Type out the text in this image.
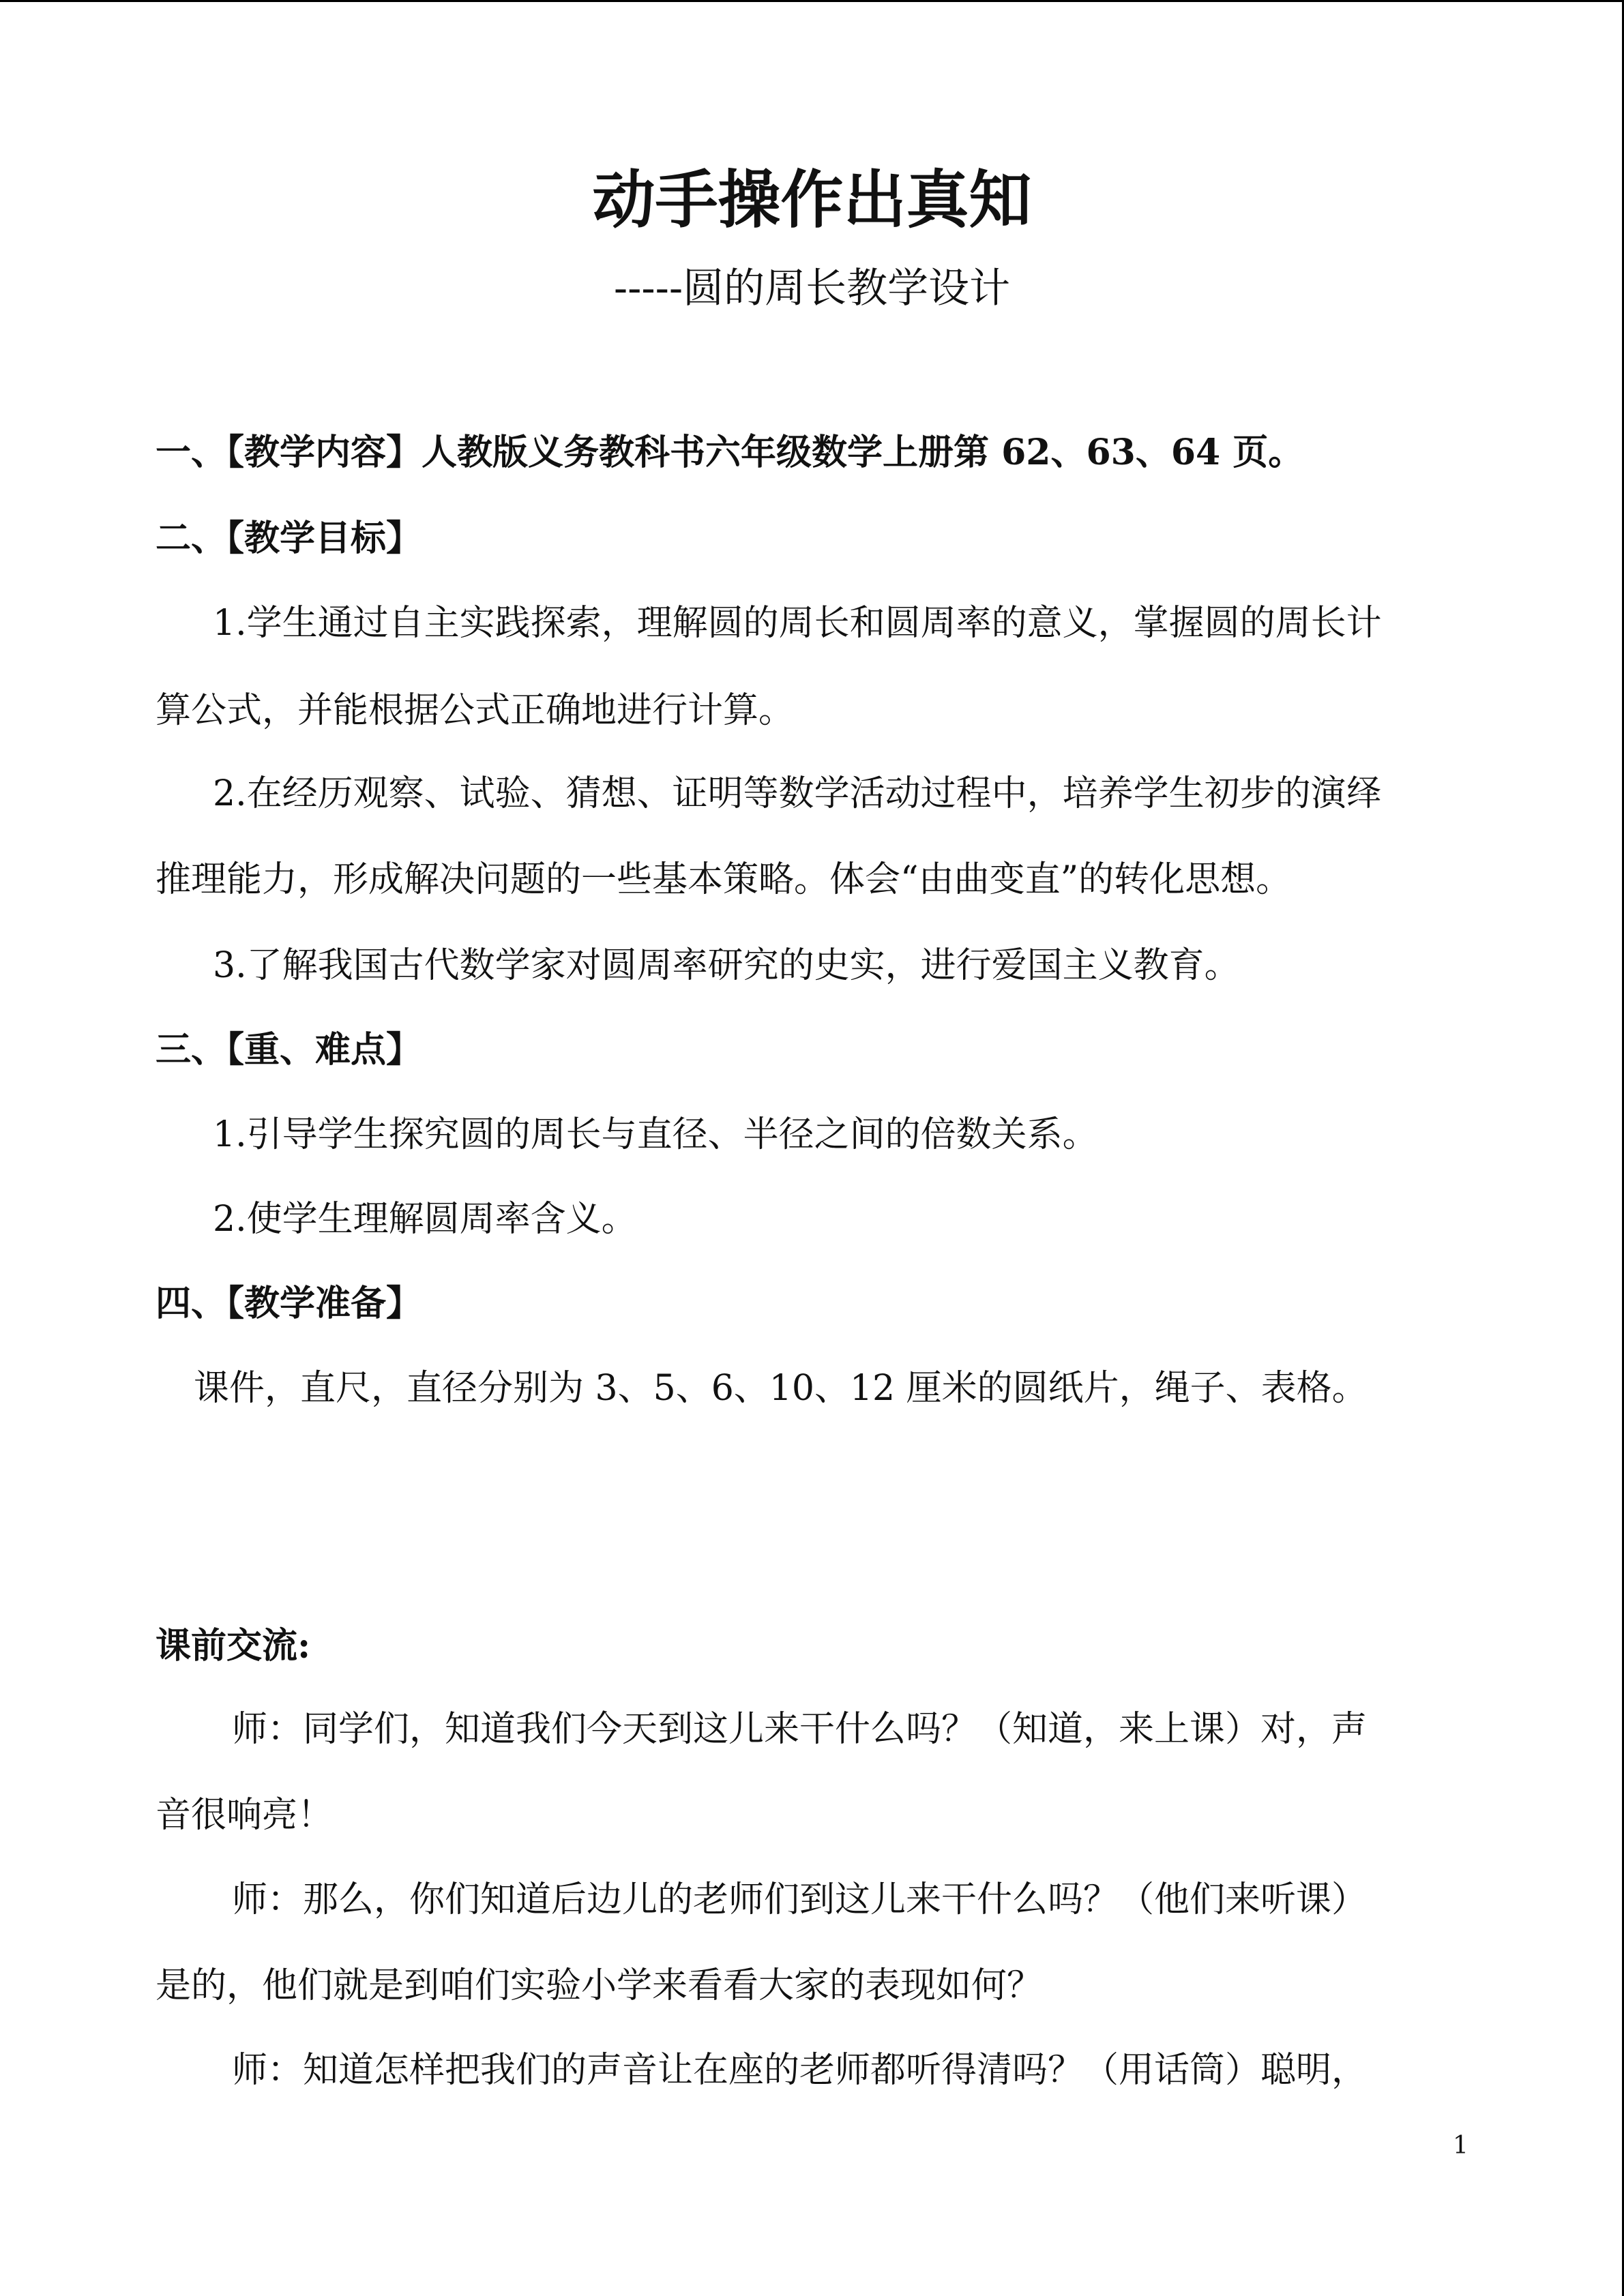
动手操作出真知
-----圆的周长教学设计
一、【教学内容】人教版义务教科书六年级数学上册第 62、63、64 页。
二、【教学目标】
1.学生通过自主实践探索，理解圆的周长和圆周率的意义，掌握圆的周长计
算公式，并能根据公式正确地进行计算。
2.在经历观察、试验、猜想、证明等数学活动过程中，培养学生初步的演绎
推理能力，形成解决问题的一些基本策略。体会“由曲变直”的转化思想。
3.了解我国古代数学家对圆周率研究的史实，进行爱国主义教育。
三、【重、难点】
1.引导学生探究圆的周长与直径、半径之间的倍数关系。
2.使学生理解圆周率含义。
四、【教学准备】
课件，直尺，直径分别为 3、5、6、10、12 厘米的圆纸片，绳子、表格。
课前交流:
师：同学们，知道我们今天到这儿来干什么吗？（知道，来上课）对，声
音很响亮！
师：那么，你们知道后边儿的老师们到这儿来干什么吗？（他们来听课）
是的，他们就是到咱们实验小学来看看大家的表现如何？
师：知道怎样把我们的声音让在座的老师都听得清吗？（用话筒）聪明，
1
